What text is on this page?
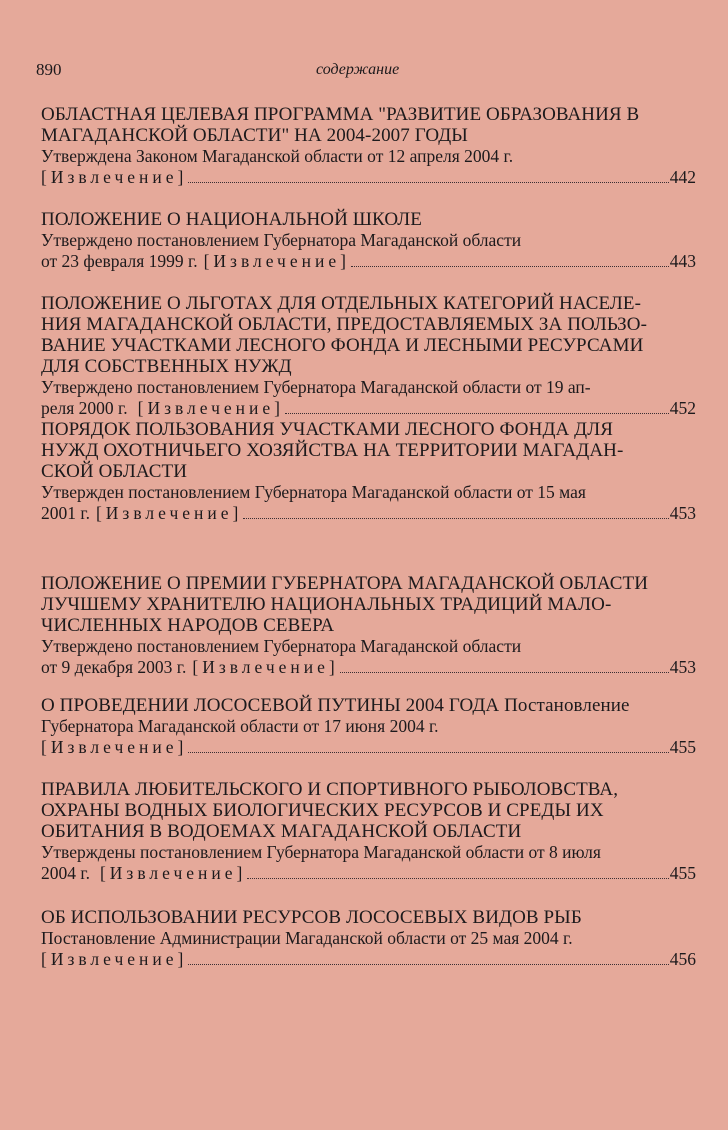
890	содержание
ОБЛАСТНАЯ ЦЕЛЕВАЯ ПРОГРАММА "РАЗВИТИЕ ОБРАЗОВАНИЯ В
МАГАДАНСКОЙ ОБЛАСТИ" НА 2004-2007 ГОДЫ
Утверждена Законом Магаданской области от 12 апреля 2004 г.
[Извлечение]	442
ПОЛОЖЕНИЕ О НАЦИОНАЛЬНОЙ ШКОЛЕ
Утверждено постановлением Губернатора Магаданской области
от 23 февраля 1999 г. [Извлечение]	443
ПОЛОЖЕНИЕ О ЛЬГОТАХ ДЛЯ ОТДЕЛЬНЫХ КАТЕГОРИЙ НАСЕЛЕ-
НИЯ МАГАДАНСКОЙ ОБЛАСТИ, ПРЕДОСТАВЛЯЕМЫХ ЗА ПОЛЬЗО-
ВАНИЕ УЧАСТКАМИ ЛЕСНОГО ФОНДА И ЛЕСНЫМИ РЕСУРСАМИ
ДЛЯ СОБСТВЕННЫХ НУЖД
Утверждено постановлением Губернатора Магаданской области от 19 ап-
реля 2000 г. [Извлечение]	452
ПОРЯДОК ПОЛЬЗОВАНИЯ УЧАСТКАМИ ЛЕСНОГО ФОНДА ДЛЯ
НУЖД ОХОТНИЧЬЕГО ХОЗЯЙСТВА НА ТЕРРИТОРИИ МАГАДАН-
СКОЙ ОБЛАСТИ
Утвержден постановлением Губернатора Магаданской области от 15 мая
2001 г. [Извлечение]	453
ПОЛОЖЕНИЕ О ПРЕМИИ ГУБЕРНАТОРА МАГАДАНСКОЙ ОБЛАСТИ
ЛУЧШЕМУ ХРАНИТЕЛЮ НАЦИОНАЛЬНЫХ ТРАДИЦИЙ МАЛО-
ЧИСЛЕННЫХ НАРОДОВ СЕВЕРА
Утверждено постановлением Губернатора Магаданской области
от 9 декабря 2003 г. [Извлечение]	453
О ПРОВЕДЕНИИ ЛОСОСЕВОЙ ПУТИНЫ 2004 ГОДА Постановление
Губернатора Магаданской области от 17 июня 2004 г.
[Извлечение]	455
ПРАВИЛА ЛЮБИТЕЛЬСКОГО И СПОРТИВНОГО РЫБОЛОВСТВА,
ОХРАНЫ ВОДНЫХ БИОЛОГИЧЕСКИХ РЕСУРСОВ И СРЕДЫ ИХ
ОБИТАНИЯ В ВОДОЕМАХ МАГАДАНСКОЙ ОБЛАСТИ
Утверждены постановлением Губернатора Магаданской области от 8 июля
2004 г. [Извлечение]	455
ОБ ИСПОЛЬЗОВАНИИ РЕСУРСОВ ЛОСОСЕВЫХ ВИДОВ РЫБ
Постановление Администрации Магаданской области от 25 мая 2004 г.
[Извлечение]	456
